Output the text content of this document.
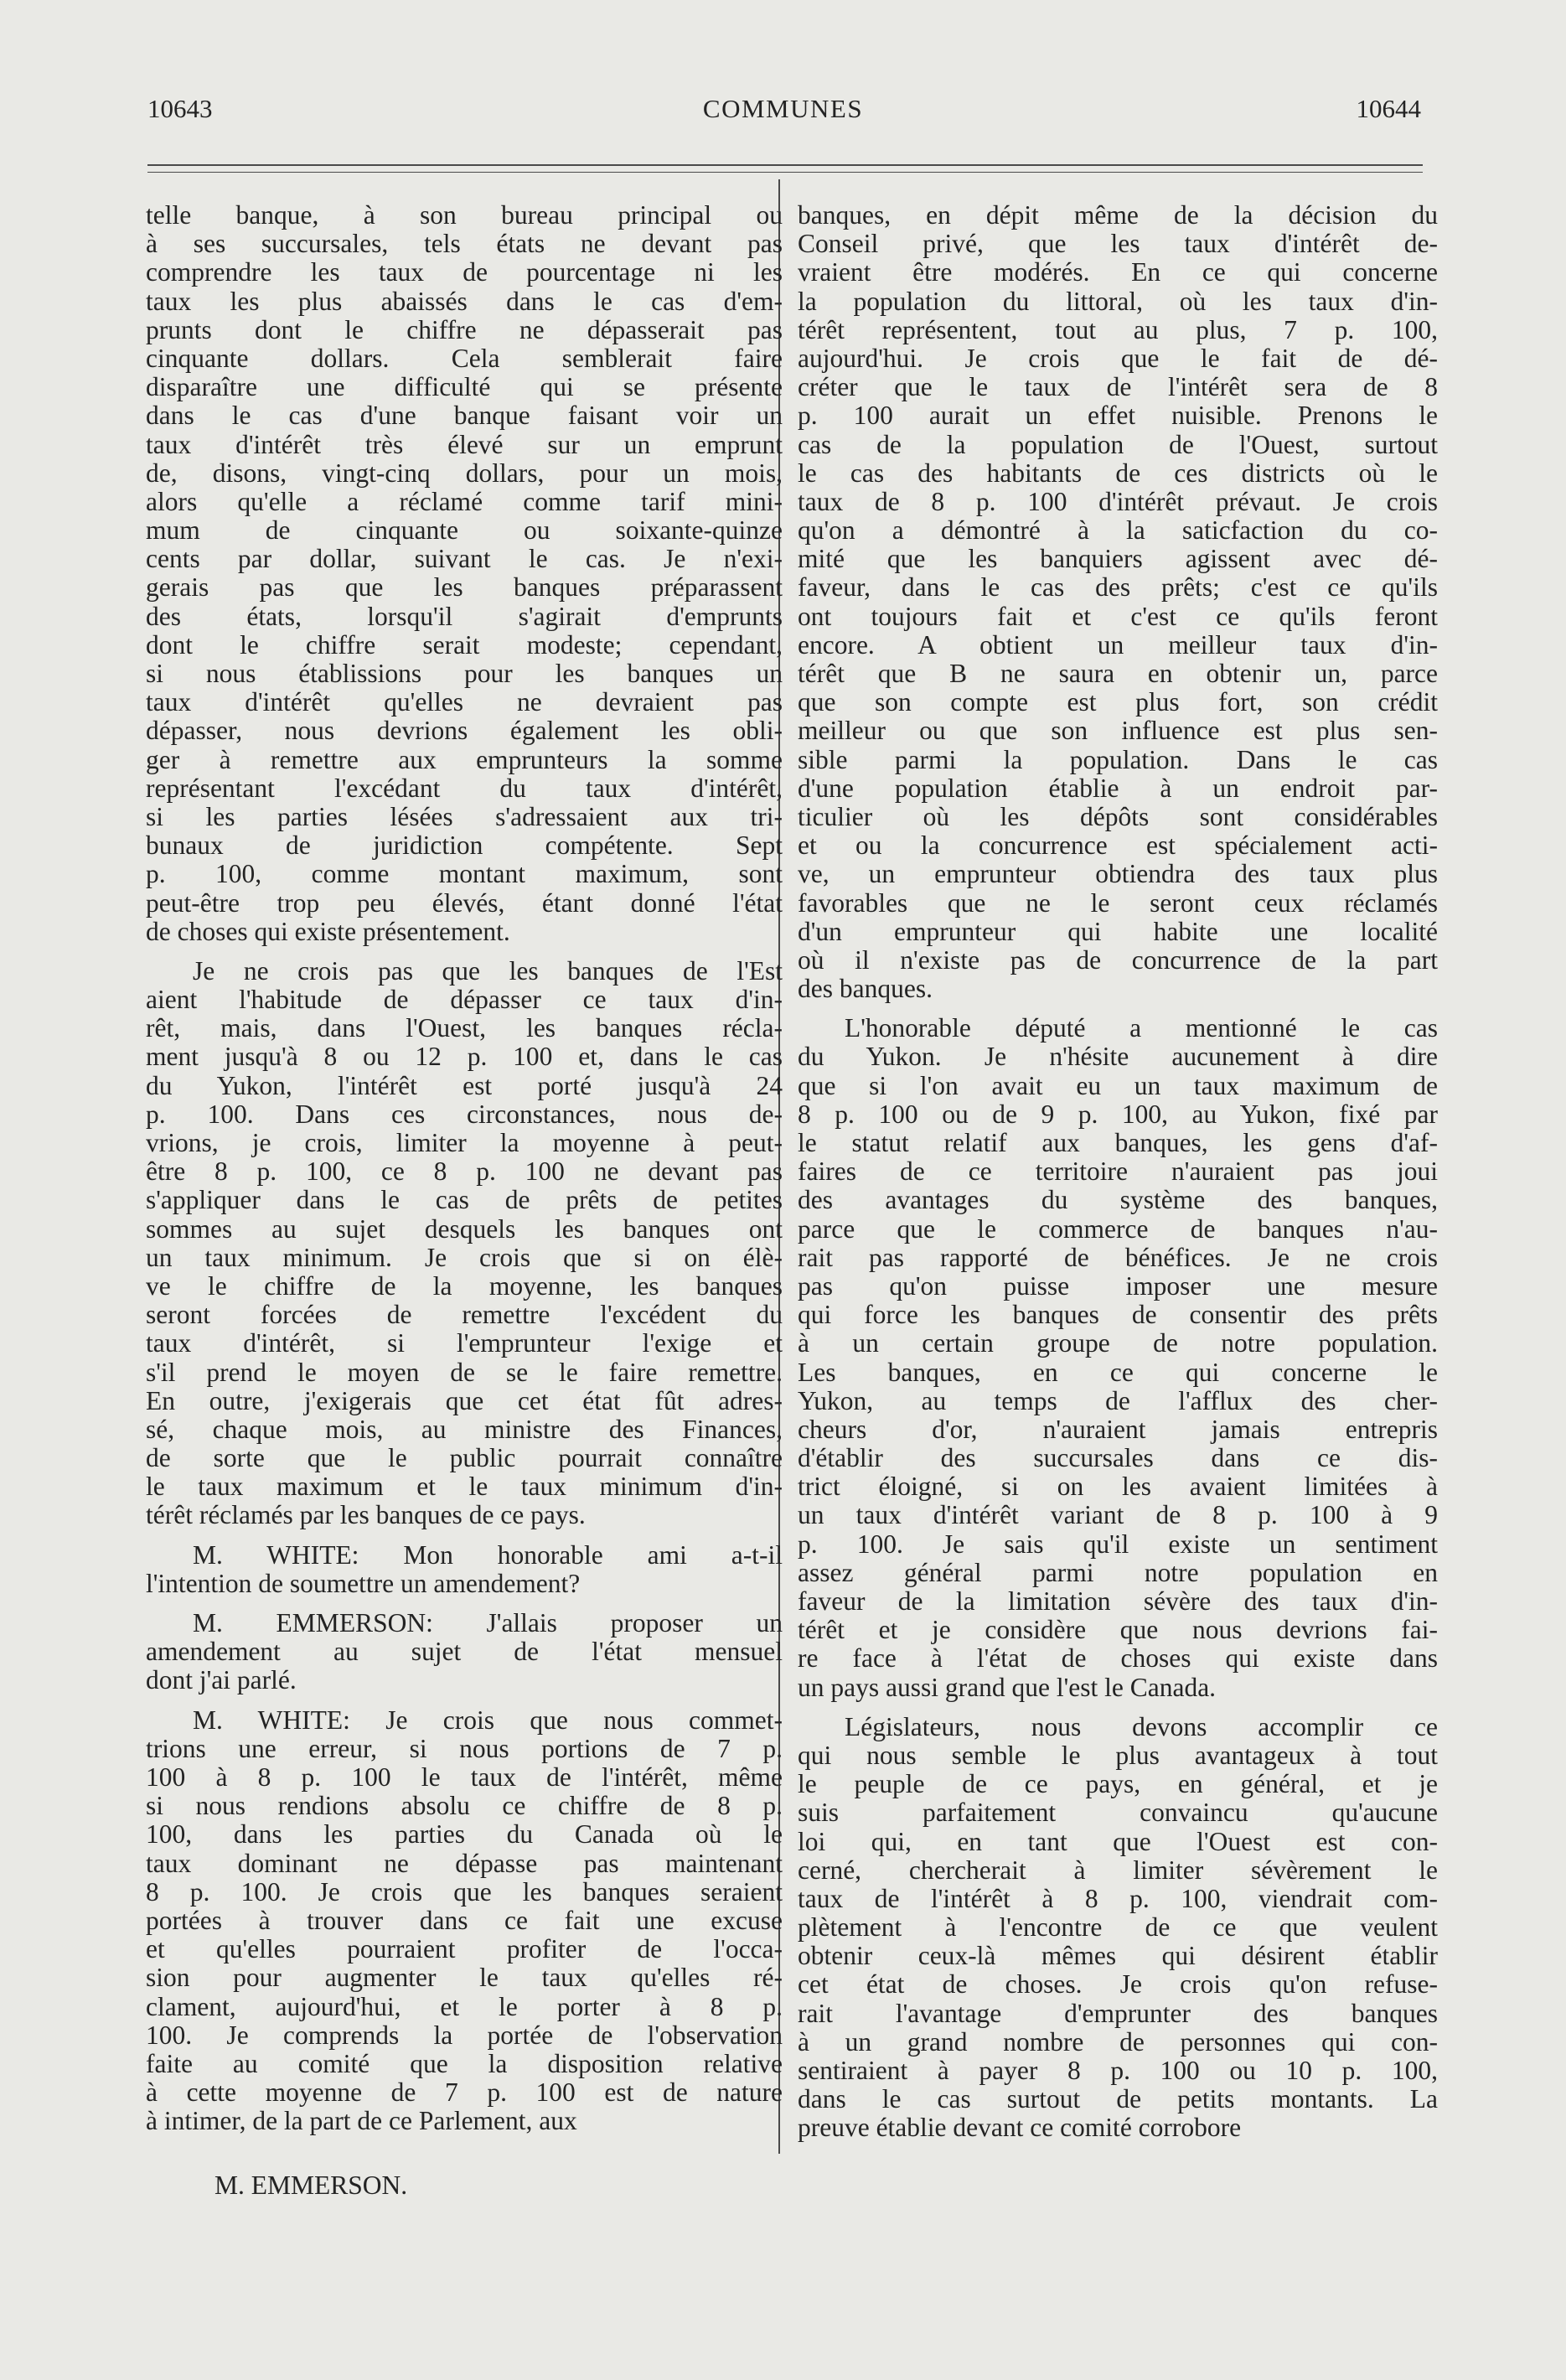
10643	COMMUNES	10644
telle banque, à son bureau principal ou
à ses succursales, tels états ne devant pas
comprendre les taux de pourcentage ni les
taux les plus abaissés dans le cas d'em-
prunts dont le chiffre ne dépasserait pas
cinquante dollars. Cela semblerait faire
disparaître une difficulté qui se présente
dans le cas d'une banque faisant voir un
taux d'intérêt très élevé sur un emprunt
de, disons, vingt-cinq dollars, pour un mois,
alors qu'elle a réclamé comme tarif mini-
mum de cinquante ou soixante-quinze
cents par dollar, suivant le cas. Je n'exi-
gerais pas que les banques préparassent
des états, lorsqu'il s'agirait d'emprunts
dont le chiffre serait modeste; cependant,
si nous établissions pour les banques un
taux d'intérêt qu'elles ne devraient pas
dépasser, nous devrions également les obli-
ger à remettre aux emprunteurs la somme
représentant l'excédant du taux d'intérêt,
si les parties lésées s'adressaient aux tri-
bunaux de juridiction compétente. Sept
p. 100, comme montant maximum, sont
peut-être trop peu élevés, étant donné l'état
de choses qui existe présentement.
Je ne crois pas que les banques de l'Est
aient l'habitude de dépasser ce taux d'in-
rêt, mais, dans l'Ouest, les banques récla-
ment jusqu'à 8 ou 12 p. 100 et, dans le cas
du Yukon, l'intérêt est porté jusqu'à 24
p. 100. Dans ces circonstances, nous de-
vrions, je crois, limiter la moyenne à peut-
être 8 p. 100, ce 8 p. 100 ne devant pas
s'appliquer dans le cas de prêts de petites
sommes au sujet desquels les banques ont
un taux minimum. Je crois que si on élè-
ve le chiffre de la moyenne, les banques
seront forcées de remettre l'excédent du
taux d'intérêt, si l'emprunteur l'exige et
s'il prend le moyen de se le faire remettre.
En outre, j'exigerais que cet état fût adres-
sé, chaque mois, au ministre des Finances,
de sorte que le public pourrait connaître
le taux maximum et le taux minimum d'in-
térêt réclamés par les banques de ce pays.
M. WHITE: Mon honorable ami a-t-il
l'intention de soumettre un amendement?
M. EMMERSON: J'allais proposer un
amendement au sujet de l'état mensuel
dont j'ai parlé.
M. WHITE: Je crois que nous commet-
trions une erreur, si nous portions de 7 p.
100 à 8 p. 100 le taux de l'intérêt, même
si nous rendions absolu ce chiffre de 8 p.
100, dans les parties du Canada où le
taux dominant ne dépasse pas maintenant
8 p. 100. Je crois que les banques seraient
portées à trouver dans ce fait une excuse
et qu'elles pourraient profiter de l'occa-
sion pour augmenter le taux qu'elles ré-
clament, aujourd'hui, et le porter à 8 p.
100. Je comprends la portée de l'observation
faite au comité que la disposition relative
à cette moyenne de 7 p. 100 est de nature
à intimer, de la part de ce Parlement, aux
banques, en dépit même de la décision du
Conseil privé, que les taux d'intérêt de-
vraient être modérés. En ce qui concerne
la population du littoral, où les taux d'in-
térêt représentent, tout au plus, 7 p. 100,
aujourd'hui. Je crois que le fait de dé-
créter que le taux de l'intérêt sera de 8
p. 100 aurait un effet nuisible. Prenons le
cas de la population de l'Ouest, surtout
le cas des habitants de ces districts où le
taux de 8 p. 100 d'intérêt prévaut. Je crois
qu'on a démontré à la saticfaction du co-
mité que les banquiers agissent avec dé-
faveur, dans le cas des prêts; c'est ce qu'ils
ont toujours fait et c'est ce qu'ils feront
encore. A obtient un meilleur taux d'in-
térêt que B ne saura en obtenir un, parce
que son compte est plus fort, son crédit
meilleur ou que son influence est plus sen-
sible parmi la population. Dans le cas
d'une population établie à un endroit par-
ticulier où les dépôts sont considérables
et ou la concurrence est spécialement acti-
ve, un emprunteur obtiendra des taux plus
favorables que ne le seront ceux réclamés
d'un emprunteur qui habite une localité
où il n'existe pas de concurrence de la part
des banques.
L'honorable député a mentionné le cas
du Yukon. Je n'hésite aucunement à dire
que si l'on avait eu un taux maximum de
8 p. 100 ou de 9 p. 100, au Yukon, fixé par
le statut relatif aux banques, les gens d'af-
faires de ce territoire n'auraient pas joui
des avantages du système des banques,
parce que le commerce de banques n'au-
rait pas rapporté de bénéfices. Je ne crois
pas qu'on puisse imposer une mesure
qui force les banques de consentir des prêts
à un certain groupe de notre population.
Les banques, en ce qui concerne le
Yukon, au temps de l'afflux des cher-
cheurs d'or, n'auraient jamais entrepris
d'établir des succursales dans ce dis-
trict éloigné, si on les avaient limitées à
un taux d'intérêt variant de 8 p. 100 à 9
p. 100. Je sais qu'il existe un sentiment
assez général parmi notre population en
faveur de la limitation sévère des taux d'in-
térêt et je considère que nous devrions fai-
re face à l'état de choses qui existe dans
un pays aussi grand que l'est le Canada.
Législateurs, nous devons accomplir ce
qui nous semble le plus avantageux à tout
le peuple de ce pays, en général, et je
suis parfaitement convaincu qu'aucune
loi qui, en tant que l'Ouest est con-
cerné, chercherait à limiter sévèrement le
taux de l'intérêt à 8 p. 100, viendrait com-
plètement à l'encontre de ce que veulent
obtenir ceux-là mêmes qui désirent établir
cet état de choses. Je crois qu'on refuse-
rait l'avantage d'emprunter des banques
à un grand nombre de personnes qui con-
sentiraient à payer 8 p. 100 ou 10 p. 100,
dans le cas surtout de petits montants. La
preuve établie devant ce comité corrobore
M. EMMERSON.
